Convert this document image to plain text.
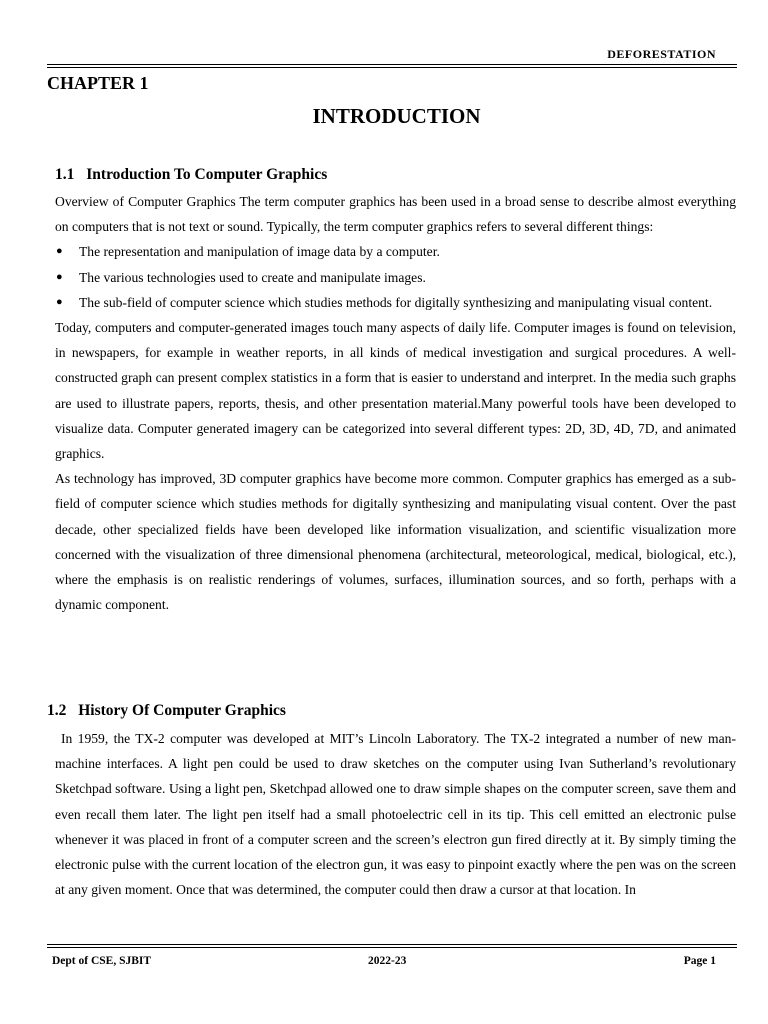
DEFORESTATION
CHAPTER 1
INTRODUCTION
1.1 Introduction To Computer Graphics

Overview of Computer Graphics The term computer graphics has been used in a broad sense to describe almost everything on computers that is not text or sound. Typically, the term computer graphics refers to several different things:

● The representation and manipulation of image data by a computer.
● The various technologies used to create and manipulate images.
● The sub-field of computer science which studies methods for digitally synthesizing and manipulating visual content.

Today, computers and computer-generated images touch many aspects of daily life. Computer images is found on television, in newspapers, for example in weather reports, in all kinds of medical investigation and surgical procedures. A well-constructed graph can present complex statistics in a form that is easier to understand and interpret. In the media such graphs are used to illustrate papers, reports, thesis, and other presentation material.Many powerful tools have been developed to visualize data. Computer generated imagery can be categorized into several different types: 2D, 3D, 4D, 7D, and animated graphics.

As technology has improved, 3D computer graphics have become more common. Computer graphics has emerged as a sub-field of computer science which studies methods for digitally synthesizing and manipulating visual content. Over the past decade, other specialized fields have been developed like information visualization, and scientific visualization more concerned with the visualization of three dimensional phenomena (architectural, meteorological, medical, biological, etc.), where the emphasis is on realistic renderings of volumes, surfaces, illumination sources, and so forth, perhaps with a dynamic component.

1.2 History Of Computer Graphics

In 1959, the TX-2 computer was developed at MIT’s Lincoln Laboratory. The TX-2 integrated a number of new man-machine interfaces. A light pen could be used to draw sketches on the computer using Ivan Sutherland’s revolutionary Sketchpad software. Using a light pen, Sketchpad allowed one to draw simple shapes on the computer screen, save them and even recall them later. The light pen itself had a small photoelectric cell in its tip. This cell emitted an electronic pulse whenever it was placed in front of a computer screen and the screen’s electron gun fired directly at it. By simply timing the electronic pulse with the current location of the electron gun, it was easy to pinpoint exactly where the pen was on the screen at any given moment. Once that was determined, the computer could then draw a cursor at that location. In

Dept of CSE, SJBIT	2022-23	Page 1
